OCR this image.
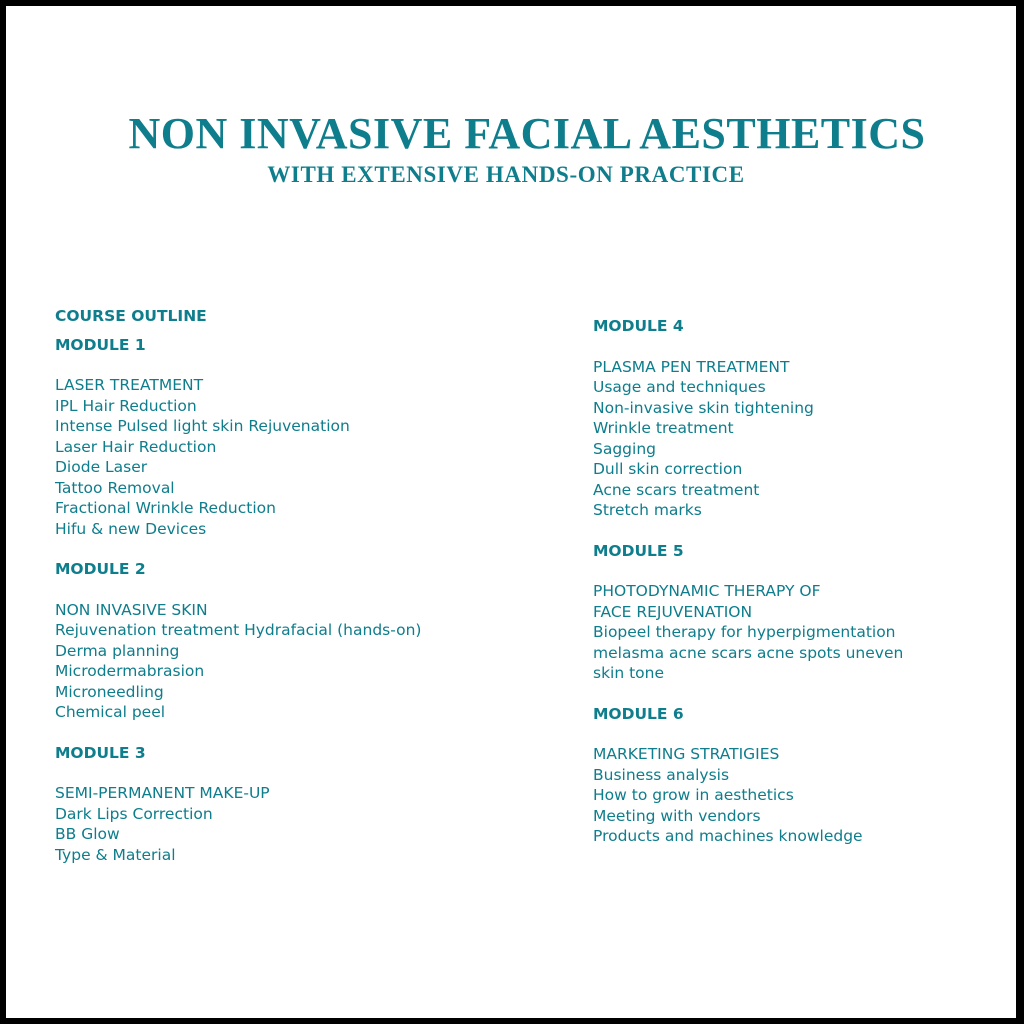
NON INVASIVE FACIAL AESTHETICS
WITH EXTENSIVE HANDS-ON PRACTICE
COURSE OUTLINE
MODULE 1
LASER TREATMENT
IPL Hair Reduction
Intense Pulsed light skin Rejuvenation
Laser Hair Reduction
Diode Laser
Tattoo Removal
Fractional Wrinkle Reduction
Hifu & new Devices
MODULE 2
NON INVASIVE SKIN
Rejuvenation treatment Hydrafacial (hands-on)
Derma planning
Microdermabrasion
Microneedling
Chemical peel
MODULE 3
SEMI-PERMANENT MAKE-UP
Dark Lips Correction
BB Glow
Type & Material
MODULE 4
PLASMA PEN TREATMENT
Usage and techniques
Non-invasive skin tightening
Wrinkle treatment
Sagging
Dull skin correction
Acne scars treatment
Stretch marks
MODULE 5
PHOTODYNAMIC THERAPY OF
FACE REJUVENATION
Biopeel therapy for hyperpigmentation
melasma acne scars acne spots uneven
skin tone
MODULE 6
MARKETING STRATIGIES
Business analysis
How to grow in aesthetics
Meeting with vendors
Products and machines knowledge
